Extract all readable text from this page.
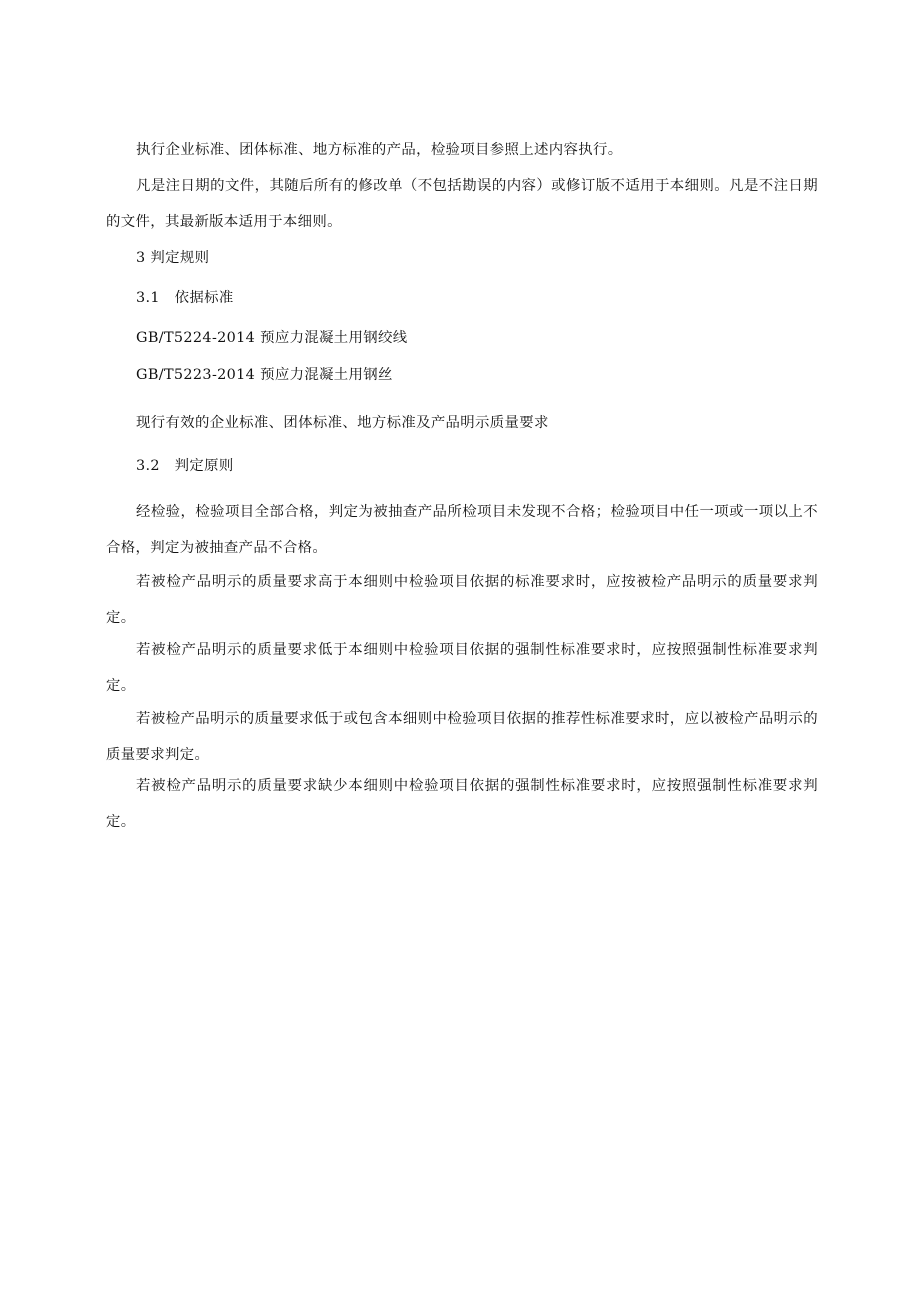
执行企业标准、团体标准、地方标准的产品，检验项目参照上述内容执行。

凡是注日期的文件，其随后所有的修改单（不包括勘误的内容）或修订版不适用于本细则。凡是不注日期的文件，其最新版本适用于本细则。

3 判定规则

3.1　依据标准

GB/T5224-2014 预应力混凝土用钢绞线

GB/T5223-2014 预应力混凝土用钢丝

现行有效的企业标准、团体标准、地方标准及产品明示质量要求

3.2　判定原则

经检验，检验项目全部合格，判定为被抽查产品所检项目未发现不合格；检验项目中任一项或一项以上不合格，判定为被抽查产品不合格。

若被检产品明示的质量要求高于本细则中检验项目依据的标准要求时，应按被检产品明示的质量要求判定。

若被检产品明示的质量要求低于本细则中检验项目依据的强制性标准要求时，应按照强制性标准要求判定。

若被检产品明示的质量要求低于或包含本细则中检验项目依据的推荐性标准要求时，应以被检产品明示的质量要求判定。

若被检产品明示的质量要求缺少本细则中检验项目依据的强制性标准要求时，应按照强制性标准要求判定。
